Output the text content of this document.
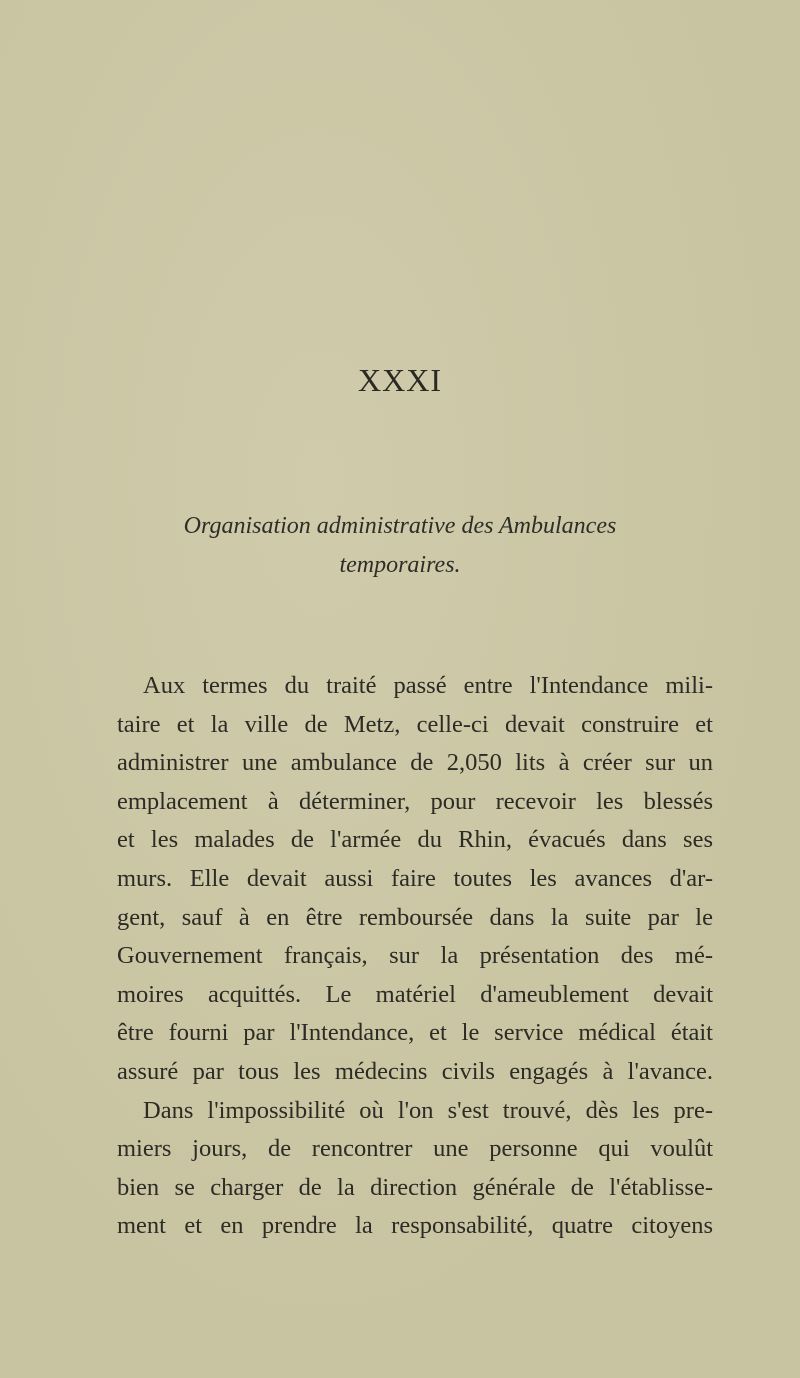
XXXI
Organisation administrative des Ambulances
temporaires.
Aux termes du traité passé entre l'Intendance mili-
taire et la ville de Metz, celle-ci devait construire et
administrer une ambulance de 2,050 lits à créer sur un
emplacement à déterminer, pour recevoir les blessés
et les malades de l'armée du Rhin, évacués dans ses
murs. Elle devait aussi faire toutes les avances d'ar-
gent, sauf à en être remboursée dans la suite par le
Gouvernement français, sur la présentation des mé-
moires acquittés. Le matériel d'ameublement devait
être fourni par l'Intendance, et le service médical était
assuré par tous les médecins civils engagés à l'avance.
Dans l'impossibilité où l'on s'est trouvé, dès les pre-
miers jours, de rencontrer une personne qui voulût
bien se charger de la direction générale de l'établisse-
ment et en prendre la responsabilité, quatre citoyens
